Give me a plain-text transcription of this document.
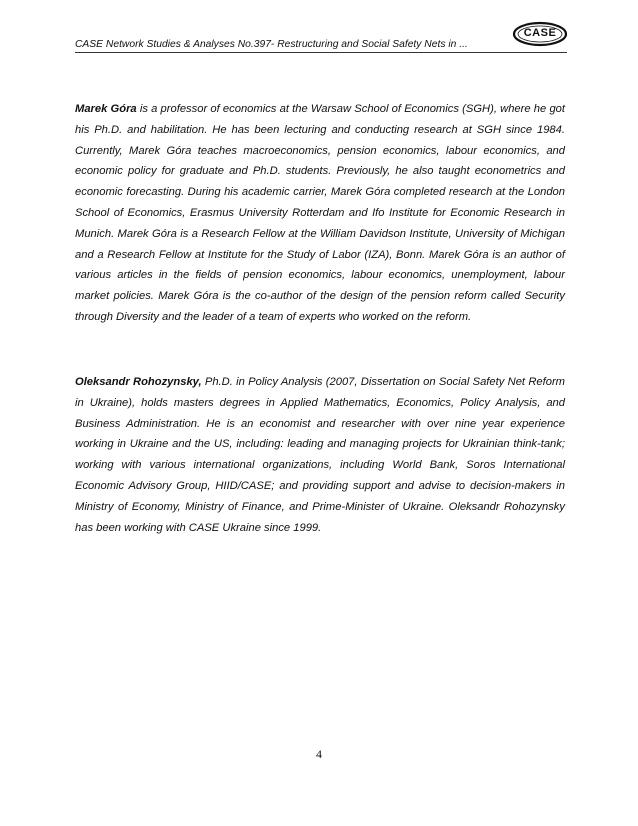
CASE Network Studies & Analyses No.397- Restructuring and Social Safety Nets in ...
CASE

Marek Góra is a professor of economics at the Warsaw School of Economics (SGH), where he got his Ph.D. and habilitation. He has been lecturing and conducting research at SGH since 1984. Currently, Marek Góra teaches macroeconomics, pension economics, labour economics, and economic policy for graduate and Ph.D. students. Previously, he also taught econometrics and economic forecasting. During his academic carrier, Marek Góra completed research at the London School of Economics, Erasmus University Rotterdam and Ifo Institute for Economic Research in Munich. Marek Góra is a Research Fellow at the William Davidson Institute, University of Michigan and a Research Fellow at Institute for the Study of Labor (IZA), Bonn. Marek Góra is an author of various articles in the fields of pension economics, labour economics, unemployment, labour market policies. Marek Góra is the co-author of the design of the pension reform called Security through Diversity and the leader of a team of experts who worked on the reform.

Oleksandr Rohozynsky, Ph.D. in Policy Analysis (2007, Dissertation on Social Safety Net Reform in Ukraine), holds masters degrees in Applied Mathematics, Economics, Policy Analysis, and Business Administration. He is an economist and researcher with over nine year experience working in Ukraine and the US, including: leading and managing projects for Ukrainian think-tank; working with various international organizations, including World Bank, Soros International Economic Advisory Group, HIID/CASE; and providing support and advise to decision-makers in Ministry of Economy, Ministry of Finance, and Prime-Minister of Ukraine. Oleksandr Rohozynsky has been working with CASE Ukraine since 1999.

4
